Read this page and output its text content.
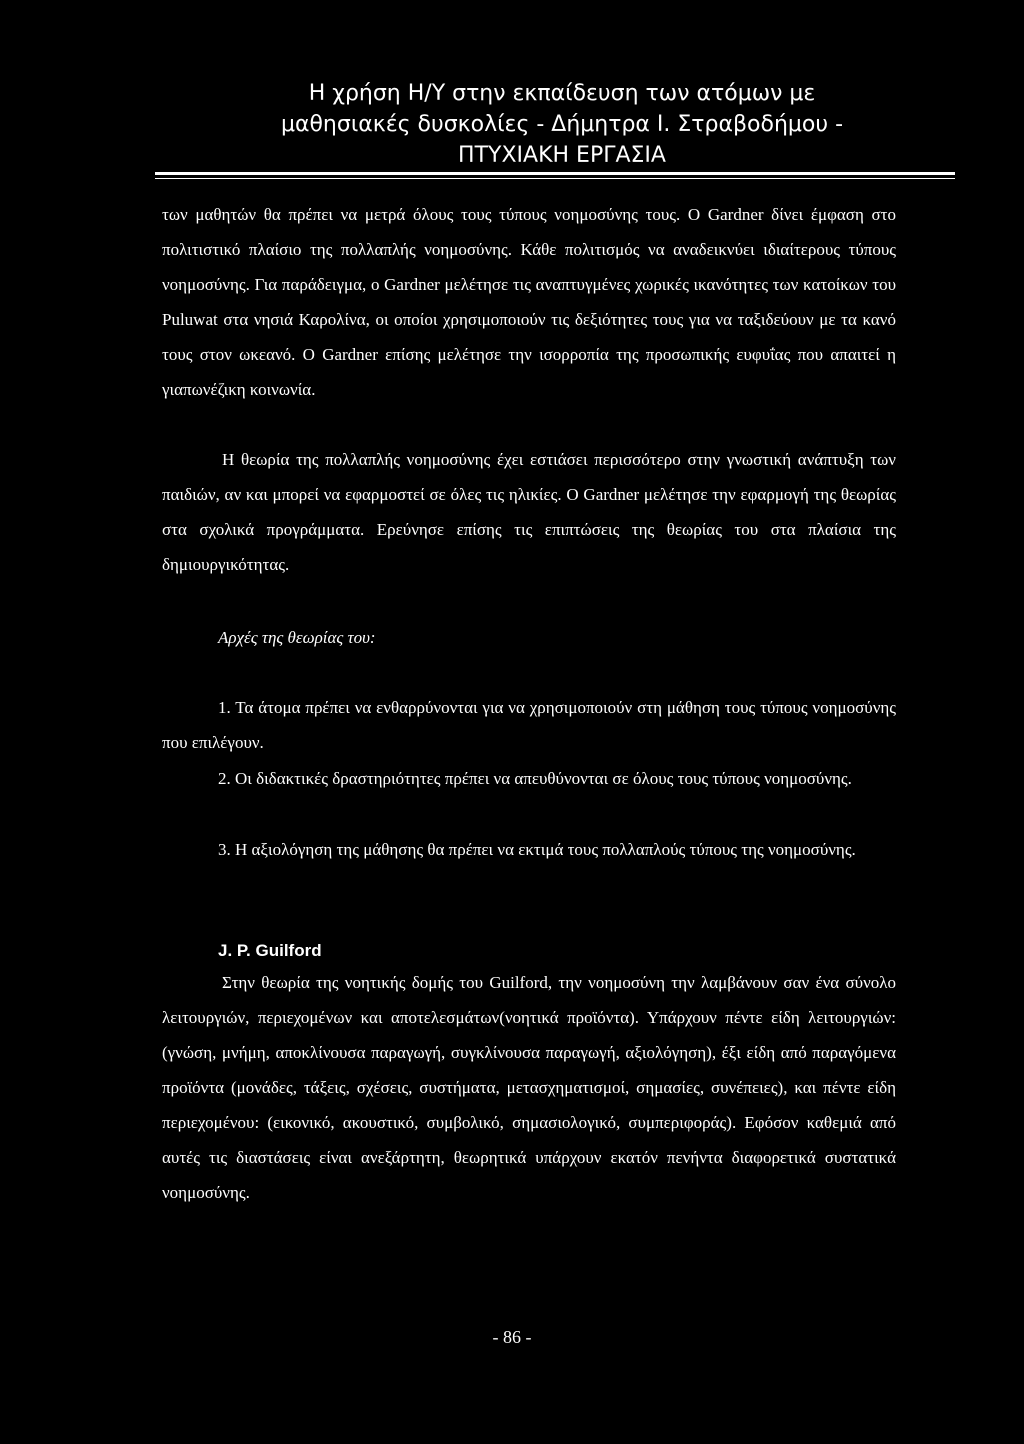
Η χρήση Η/Υ στην εκπαίδευση των ατόμων με
μαθησιακές δυσκολίες - Δήμητρα Ι. Στραβοδήμου -
ΠΤΥΧΙΑΚΗ ΕΡΓΑΣΙΑ

των μαθητών θα πρέπει να μετρά όλους τους τύπους νοημοσύνης τους. O Gardner δίνει έμφαση στο πολιτιστικό πλαίσιο της πολλαπλής νοημοσύνης. Κάθε πολιτισμός να αναδεικνύει ιδιαίτερους τύπους νοημοσύνης. Για παράδειγμα, ο Gardner μελέτησε τις αναπτυγμένες χωρικές ικανότητες των κατοίκων του Puluwat στα νησιά Καρολίνα, οι οποίοι χρησιμοποιούν τις δεξιότητες τους για να ταξιδεύουν με τα κανό τους στον ωκεανό. O Gardner επίσης μελέτησε την ισορροπία της προσωπικής ευφυΐας που απαιτεί η γιαπωνέζικη κοινωνία.

Η θεωρία της πολλαπλής νοημοσύνης έχει εστιάσει περισσότερο στην γνωστική ανάπτυξη των παιδιών, αν και μπορεί να εφαρμοστεί σε όλες τις ηλικίες. O Gardner μελέτησε την εφαρμογή της θεωρίας στα σχολικά προγράμματα. Ερεύνησε επίσης τις επιπτώσεις της θεωρίας του στα πλαίσια της δημιουργικότητας.

Αρχές της θεωρίας του:

1. Τα άτομα πρέπει να ενθαρρύνονται για να χρησιμοποιούν στη μάθηση τους τύπους νοημοσύνης που επιλέγουν.

2. Οι διδακτικές δραστηριότητες πρέπει να απευθύνονται σε όλους τους τύπους νοημοσύνης.

3. Η αξιολόγηση της μάθησης θα πρέπει να εκτιμά τους πολλαπλούς τύπους της νοημοσύνης.

J. P. Guilford

Στην θεωρία της νοητικής δομής του Guilford, την νοημοσύνη την λαμβάνουν σαν ένα σύνολο λειτουργιών, περιεχομένων και αποτελεσμάτων(νοητικά προϊόντα). Υπάρχουν πέντε είδη λειτουργιών: (γνώση, μνήμη, αποκλίνουσα παραγωγή, συγκλίνουσα παραγωγή, αξιολόγηση), έξι είδη από παραγόμενα προϊόντα (μονάδες, τάξεις, σχέσεις, συστήματα, μετασχηματισμοί, σημασίες, συνέπειες), και πέντε είδη περιεχομένου: (εικονικό, ακουστικό, συμβολικό, σημασιολογικό, συμπεριφοράς). Εφόσον καθεμιά από αυτές τις διαστάσεις είναι ανεξάρτητη, θεωρητικά υπάρχουν εκατόν πενήντα διαφορετικά συστατικά νοημοσύνης.

- 86 -
